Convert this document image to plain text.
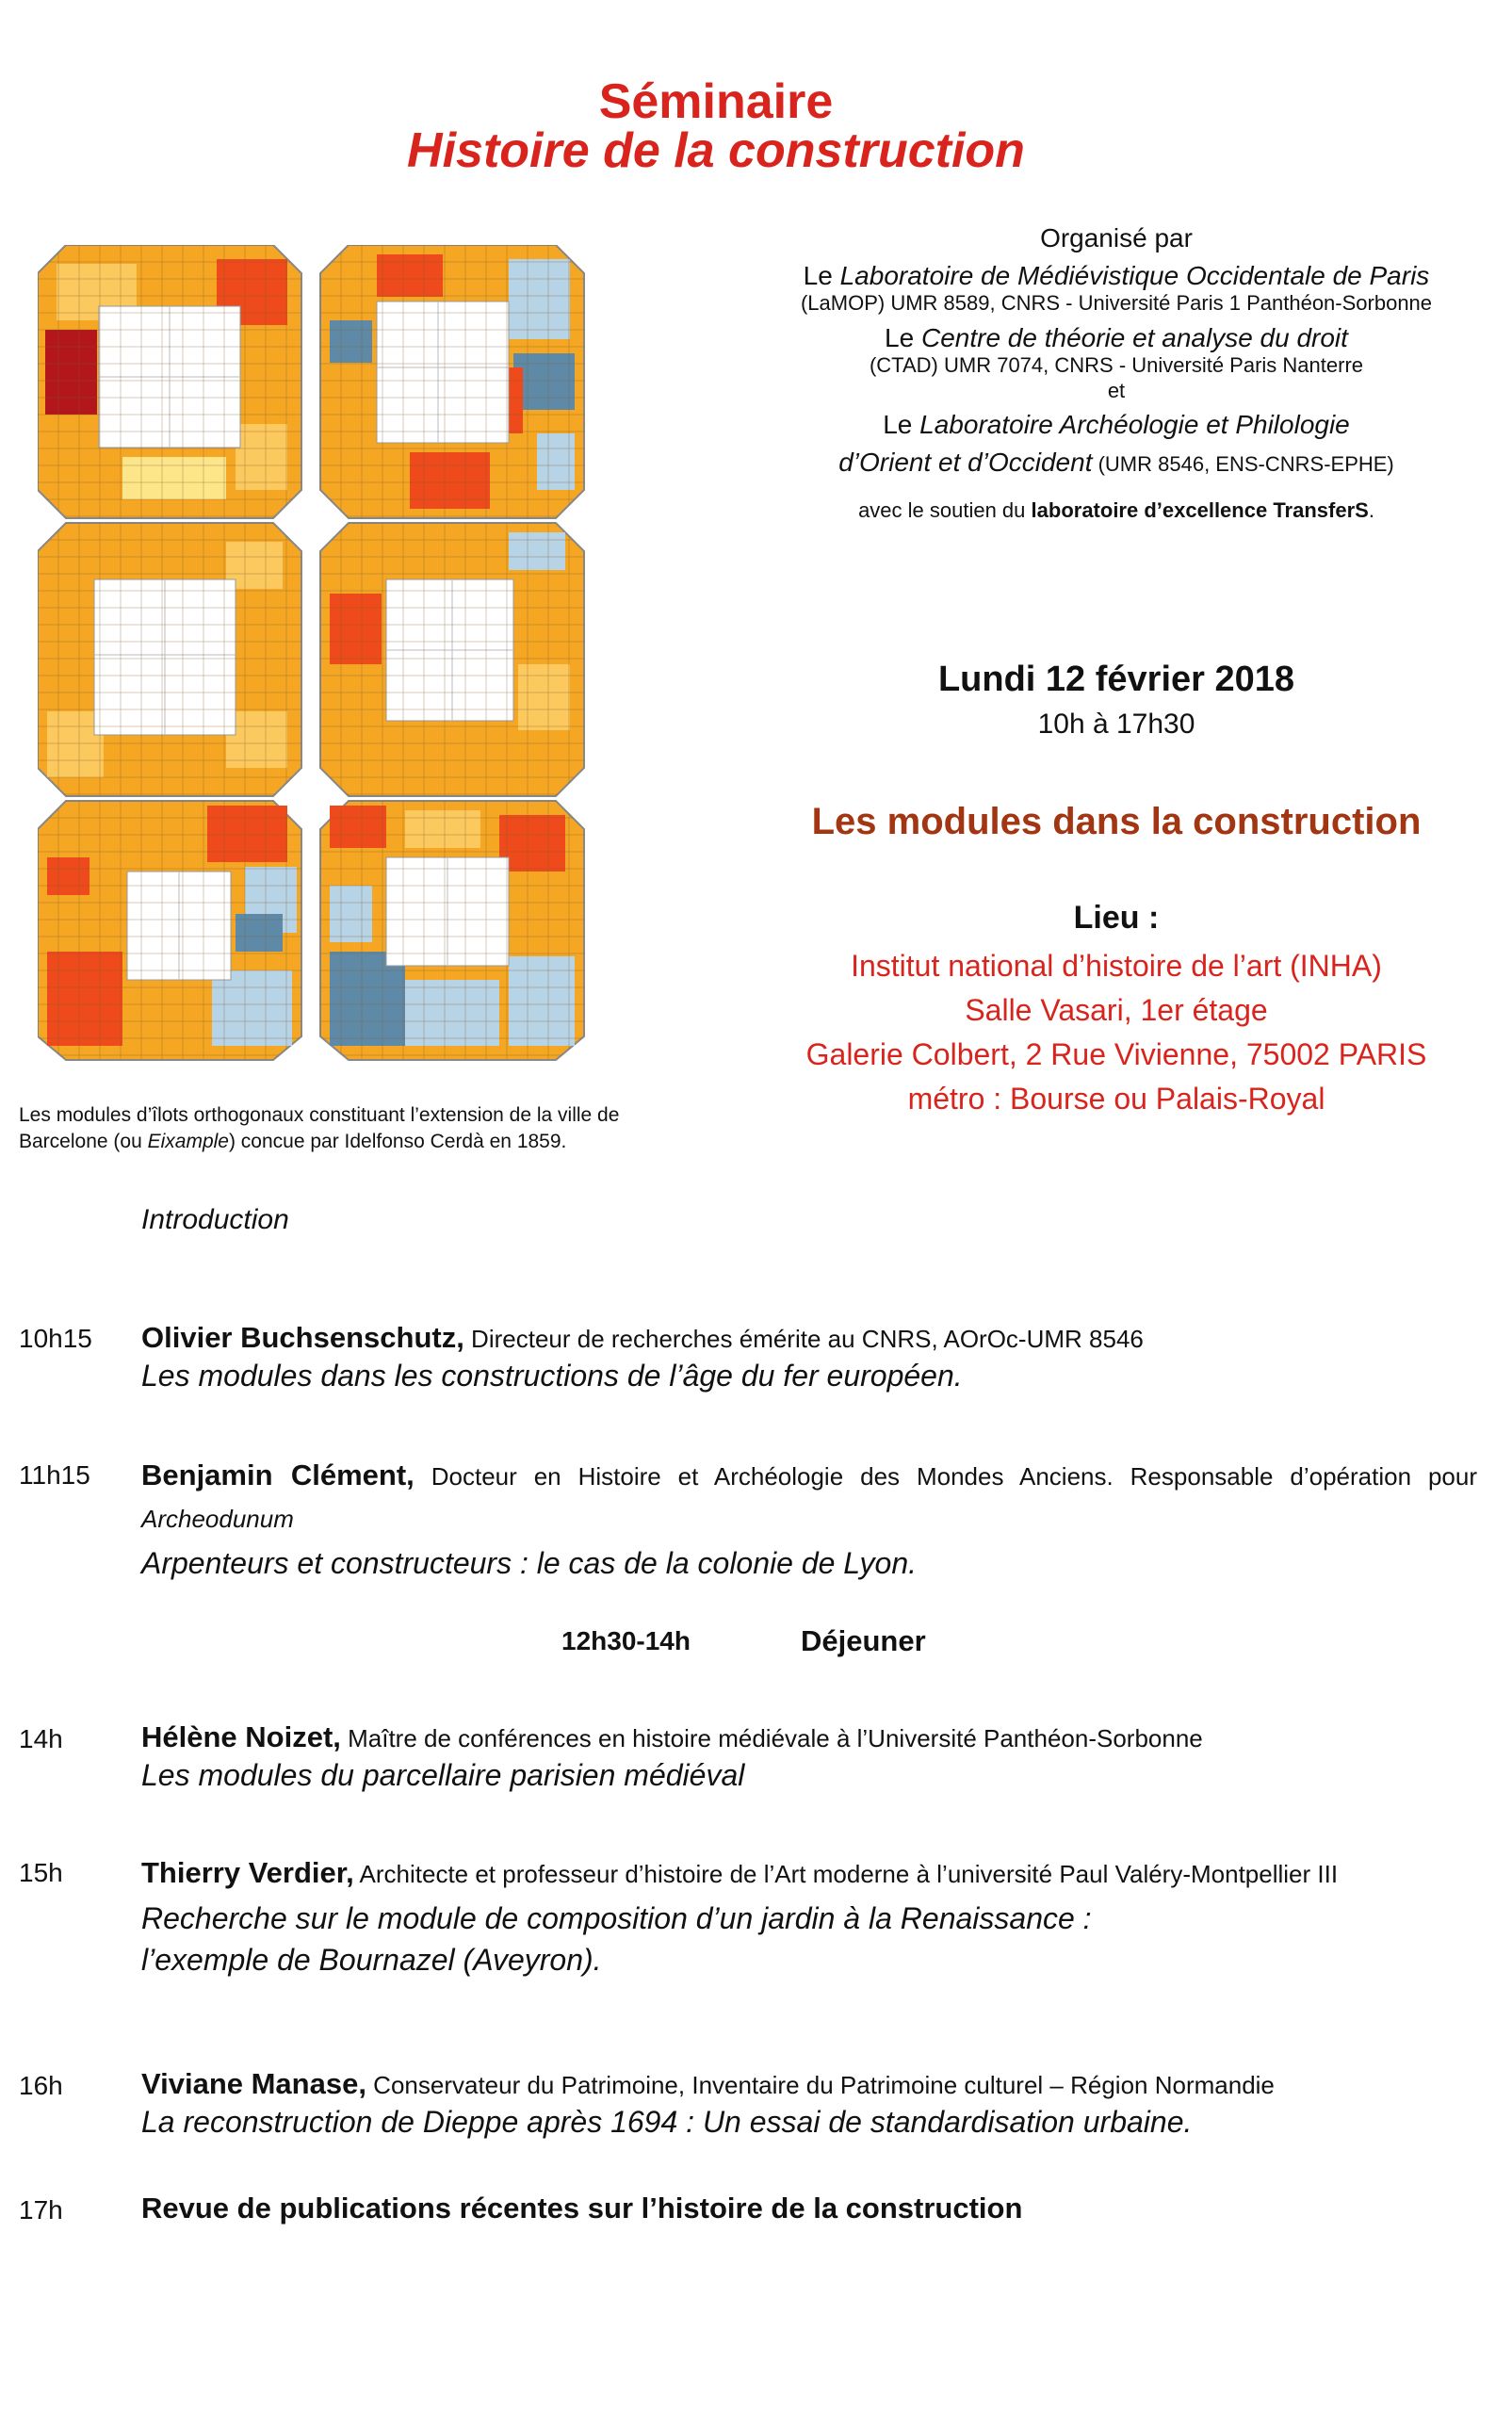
Séminaire
Histoire de la construction
Les modules d’îlots orthogonaux constituant l’extension de la ville de Barcelone (ou Eixample) concue par Idelfonso Cerdà en 1859.

Organisé par

Le Laboratoire de Médiévistique Occidentale de Paris

(LaMOP) UMR 8589, CNRS - Université Paris 1 Panthéon-Sorbonne

Le Centre de théorie et analyse du droit

(CTAD) UMR 7074, CNRS - Université Paris Nanterre

et

Le Laboratoire Archéologie et Philologie

d’Orient et d’Occident (UMR 8546, ENS-CNRS-EPHE)

avec le soutien du laboratoire d’excellence TransferS.

Lundi 12 février 2018
10h à 17h30
Les modules dans la construction
Lieu :
Institut national d’histoire de l’art (INHA)
Salle Vasari, 1er étage
Galerie Colbert, 2 Rue Vivienne, 75002 PARIS
métro : Bourse ou Palais-Royal
Introduction
10h15 Olivier Buchsenschutz, Directeur de recherches émérite au CNRS, AOrOc-UMR 8546
Les modules dans les constructions de l’âge du fer européen.
11h15 Benjamin Clément, Docteur en Histoire et Archéologie des Mondes Anciens. Responsable d’opération pour Archeodunum
Arpenteurs et constructeurs : le cas de la colonie de Lyon.
12h30-14h	Déjeuner
14h	Hélène Noizet, Maître de conférences en histoire médiévale à l’Université Panthéon-Sorbonne
Les modules du parcellaire parisien médiéval
15h	Thierry Verdier, Architecte et professeur d’histoire de l’Art moderne à l’université Paul Valéry-Montpellier III
Recherche sur le module de composition d’un jardin à la Renaissance :
l’exemple de Bournazel (Aveyron).
16h	Viviane Manase, Conservateur du Patrimoine, Inventaire du Patrimoine culturel – Région Normandie
La reconstruction de Dieppe après 1694 : Un essai de standardisation urbaine.
17h	Revue de publications récentes sur l’histoire de la construction
